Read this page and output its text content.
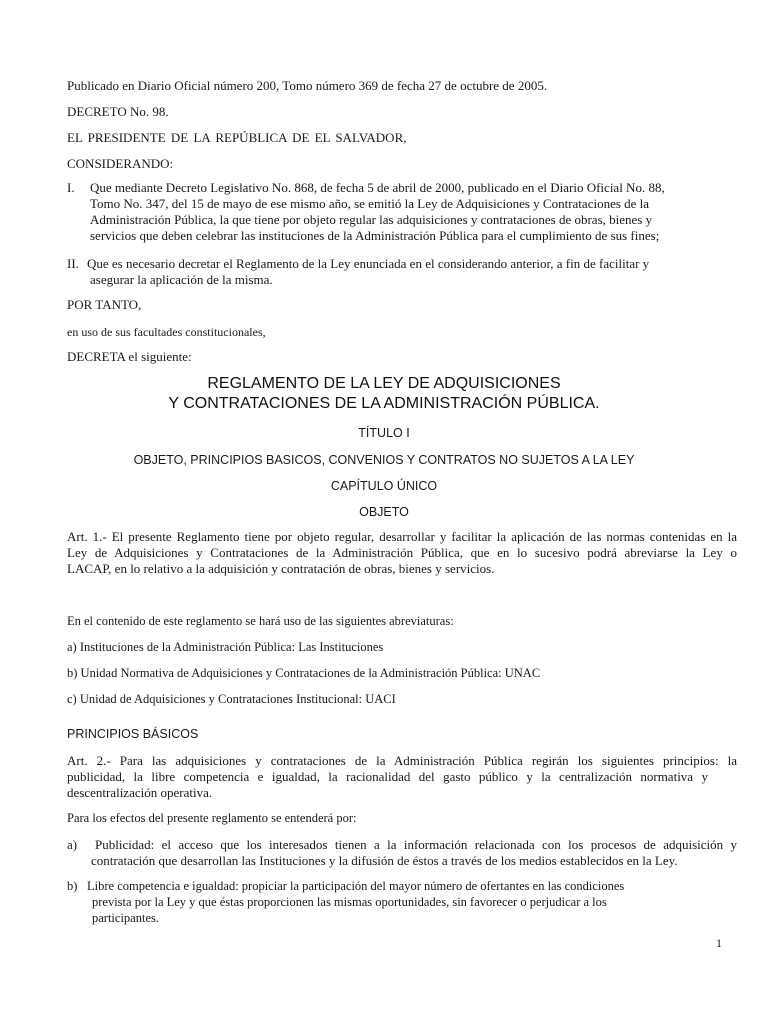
Publicado en Diario Oficial número 200, Tomo número 369 de fecha 27 de octubre de 2005.
DECRETO No. 98.
EL PRESIDENTE DE LA REPÚBLICA DE EL SALVADOR,
CONSIDERANDO:
I. Que mediante Decreto Legislativo No. 868, de fecha 5 de abril de 2000, publicado en el Diario Oficial No. 88,
Tomo No. 347, del 15 de mayo de ese mismo año, se emitió la Ley de Adquisiciones y Contrataciones de la
Administración Pública, la que tiene por objeto regular las adquisiciones y contrataciones de obras, bienes y
servicios que deben celebrar las instituciones de la Administración Pública para el cumplimiento de sus fines;
II. Que es necesario decretar el Reglamento de la Ley enunciada en el considerando anterior, a fin de facilitar y
asegurar la aplicación de la misma.
POR TANTO,
en uso de sus facultades constitucionales,
DECRETA el siguiente:
REGLAMENTO DE LA LEY DE ADQUISICIONES
Y CONTRATACIONES DE LA ADMINISTRACIÓN PÚBLICA.
TÍTULO I
OBJETO, PRINCIPIOS BASICOS, CONVENIOS Y CONTRATOS NO SUJETOS A LA LEY
CAPÍTULO ÚNICO
OBJETO
Art. 1.- El presente Reglamento tiene por objeto regular, desarrollar y facilitar la aplicación de las normas contenidas en la
Ley de Adquisiciones y Contrataciones de la Administración Pública, que en lo sucesivo podrá abreviarse la Ley o
LACAP, en lo relativo a la adquisición y contratación de obras, bienes y servicios.
En el contenido de este reglamento se hará uso de las siguientes abreviaturas:
a) Instituciones de la Administración Pública: Las Instituciones
b) Unidad Normativa de Adquisiciones y Contrataciones de la Administración Pública: UNAC
c) Unidad de Adquisiciones y Contrataciones Institucional: UACI
PRINCIPIOS BÁSICOS
Art. 2.- Para las adquisiciones y contrataciones de la Administración Pública regirán los siguientes principios: la
publicidad, la libre competencia e igualdad, la racionalidad del gasto público y la centralización normativa y
descentralización operativa.
Para los efectos del presente reglamento se entenderá por:
a)	Publicidad: el acceso que los interesados tienen a la información relacionada con los procesos de adquisición y
contratación que desarrollan las Instituciones y la difusión de éstos a través de los medios establecidos en la Ley.
b) Libre competencia e igualdad: propiciar la participación del mayor número de ofertantes en las condiciones
prevista por la Ley y que éstas proporcionen las mismas oportunidades, sin favorecer o perjudicar a los
participantes.
1
